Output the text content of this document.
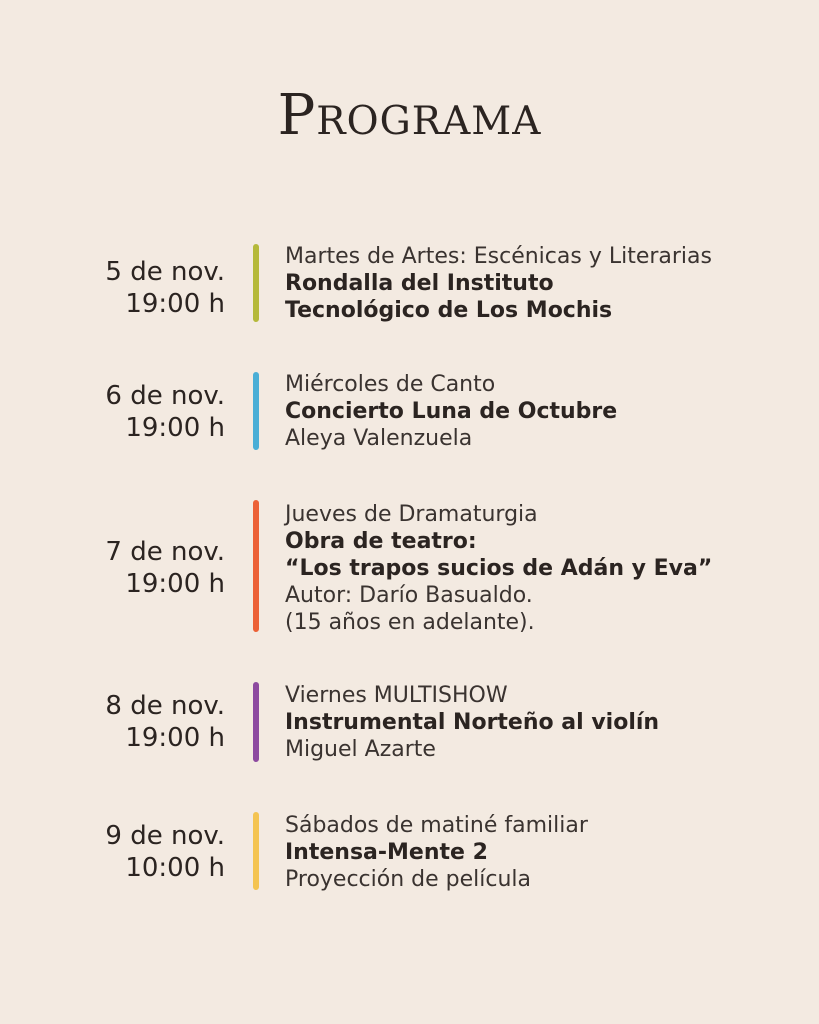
Programa
5 de nov.
19:00 h
Martes de Artes: Escénicas y Literarias
Rondalla del Instituto
Tecnológico de Los Mochis
6 de nov.
19:00 h
Miércoles de Canto
Concierto Luna de Octubre
Aleya Valenzuela
7 de nov.
19:00 h
Jueves de Dramaturgia
Obra de teatro:
“Los trapos sucios de Adán y Eva”
Autor: Darío Basualdo.
(15 años en adelante).
8 de nov.
19:00 h
Viernes MULTISHOW
Instrumental Norteño al violín
Miguel Azarte
9 de nov.
10:00 h
Sábados de matiné familiar
Intensa-Mente 2
Proyección de película
